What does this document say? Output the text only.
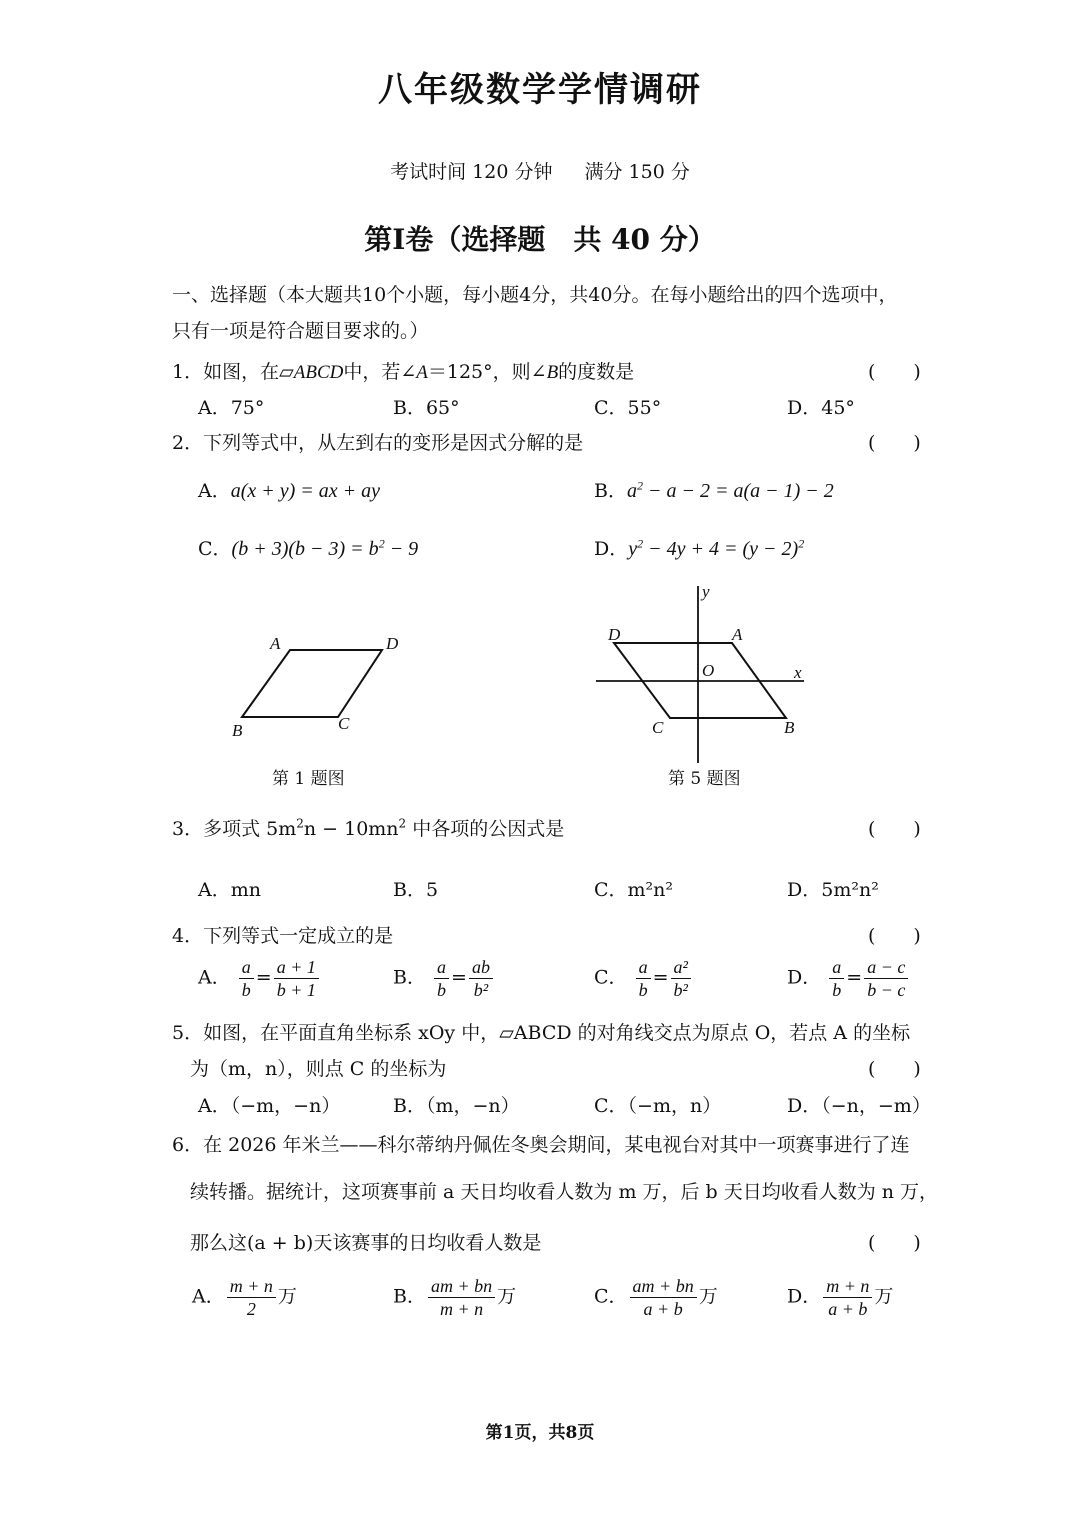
八年级数学学情调研
考试时间 120 分钟 满分 150 分
第Ⅰ卷（选择题　共 40 分）
一、选择题（本大题共10个小题，每小题4分，共40分。在每小题给出的四个选项中，
只有一项是符合题目要求的。）
1．如图，在▱ABCD中，若∠A＝125°，则∠B的度数是	(　　)
A．75°	B．65°	C．55°	D．45°
2．下列等式中，从左到右的变形是因式分解的是	(　　)
A．a(x + y) = ax + ay	B．$a^2 - a - 2 = a(a - 1) - 2$
C．$(b + 3)(b - 3) = b^2 - 9$	D．$y^2 - 4y + 4 = (y - 2)^2$
A	D
B	C
第 1 题图
D	A
O	x
y
C	B
第 5 题图
3．多项式 $5m^2n - 10mn^2$ 中各项的公因式是	(　　)
A．mn	B．5	C．m²n²	D．5m²n²
4．下列等式一定成立的是	(　　)
A． $\frac{a}{b} = \frac{a + 1}{b + 1}$	B． $\frac{a}{b} = \frac{ab}{\text{b²}}$	C． $\frac{a}{b} = \frac{\text{a²}}{\text{b²}}$	D． $\frac{a}{b} = \frac{a - c}{b - c}$
5．如图，在平面直角坐标系 xOy 中，▱ABCD 的对角线交点为原点 O，若点 A 的坐标
为（m，n），则点 C 的坐标为	(　　)
A．（−m，−n）	B．（m，−n）	C．（−m，n）	D．（−n，−m）
6．在 2026 年米兰——科尔蒂纳丹佩佐冬奥会期间，某电视台对其中一项赛事进行了连
续转播。据统计，这项赛事前 a 天日均收看人数为 m 万，后 b 天日均收看人数为 n 万，
那么这(a + b)天该赛事的日均收看人数是	(　　)
A． $\frac{m + n}{2}$ 万	B． $\frac{am + bn}{m + n}$ 万	C． $\frac{am + bn}{a + b}$ 万	D． $\frac{m + n}{a + b}$ 万
第1页，共8页
